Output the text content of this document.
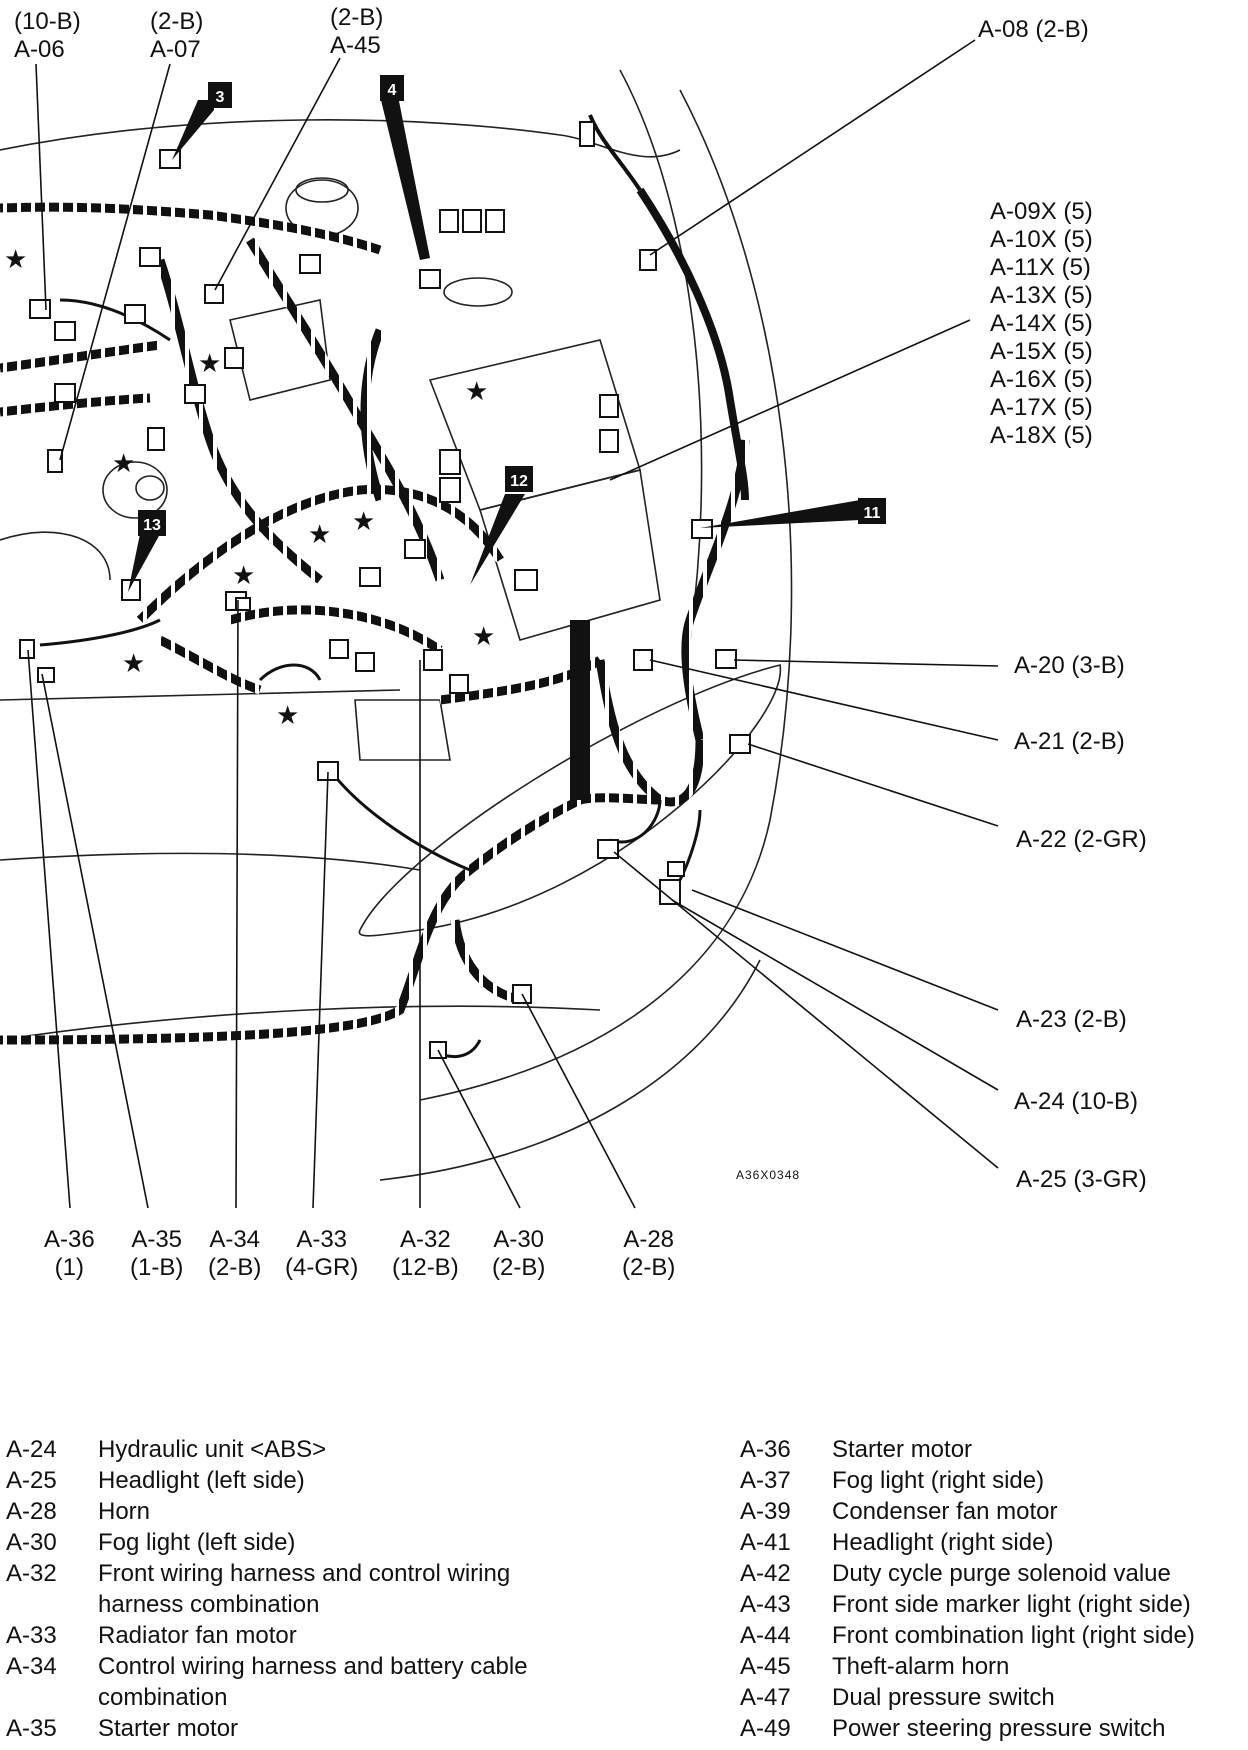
★
★
★
★
★
★
★
★
★
★
3	4
11
12
13
(10-B)
A-06
(2-B)
A-07
(2-B)
A-45
A-08 (2-B)
A-09X (5)
A-10X (5)
A-11X (5)
A-13X (5)
A-14X (5)
A-15X (5)
A-16X (5)
A-17X (5)
A-18X (5)
A-20 (3-B)
A-21 (2-B)
A-22 (2-GR)
A-23 (2-B)
A-24 (10-B)
A-25 (3-GR)
A36X0348
A-36
(1)
A-35
(1-B)
A-34
(2-B)
A-33
(4-GR)
A-32
(12-B)
A-30
(2-B)
A-28
(2-B)
A-24	Hydraulic unit <ABS>
A-25	Headlight (left side)
A-28	Horn
A-30	Fog light (left side)
A-32	Front wiring harness and control wiring
harness combination
A-33	Radiator fan motor
A-34	Control wiring harness and battery cable
combination
A-35	Starter motor
A-36	Starter motor
A-37	Fog light (right side)
A-39	Condenser fan motor
A-41	Headlight (right side)
A-42	Duty cycle purge solenoid value
A-43	Front side marker light (right side)
A-44	Front combination light (right side)
A-45	Theft-alarm horn
A-47	Dual pressure switch
A-49	Power steering pressure switch
